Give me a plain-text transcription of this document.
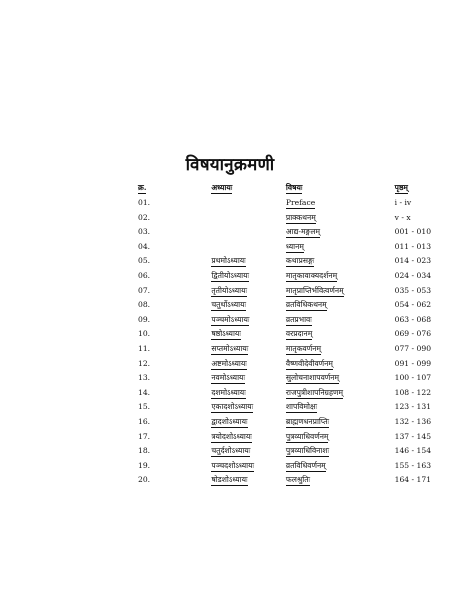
विषयानुक्रमणी
क्र.	अध्यायः	विषयः	पृष्ठम्
01.		Preface	i - iv
02.		प्राक्कथनम्	v - x
03.		आद्य-मङ्गलम्	001 - 010
04.		ध्यानम्	011 - 013
05.	प्रथमोऽध्यायः	कथाप्रसङ्गः	014 - 023
06.	द्वितीयोऽध्यायः	मातृकावाक्यदर्शनम्	024 - 034
07.	तृतीयोऽध्यायः	मातृप्राप्तिर्भवित्वर्णनम्	035 - 053
08.	चतुर्थोऽध्यायः	व्रतविधिकथनम्	054 - 062
09.	पञ्चमोऽध्यायः	व्रतप्रभावः	063 - 068
10.	षष्ठोऽध्यायः	वरप्रदानम्	069 - 076
11.	सप्तमोऽध्यायः	मातृकवर्णनम्	077 - 090
12.	अष्टमोऽध्यायः	वैष्णवीदेवीवर्णनम्	091 - 099
13.	नवमोऽध्यायः	सुलोचनाशापवर्णनम्	100 - 107
14.	दशमोऽध्यायः	राजपुत्रीशापनिग्रहणम्	108 - 122
15.	एकादशोऽध्यायः	शापविमोक्षः	123 - 131
16.	द्वादशोऽध्यायः	ब्राह्मणधनप्राप्तिः	132 - 136
17.	त्रयोदशोऽध्यायः	पुत्रव्याधिवर्णनम्	137 - 145
18.	चतुर्दशोऽध्यायः	पुत्रव्याधिविनाशः	146 - 154
19.	पञ्चदशोऽध्यायः	व्रतविधिवर्णनम्	155 - 163
20.	षोडशोऽध्यायः	फलश्रुतिः	164 - 171
